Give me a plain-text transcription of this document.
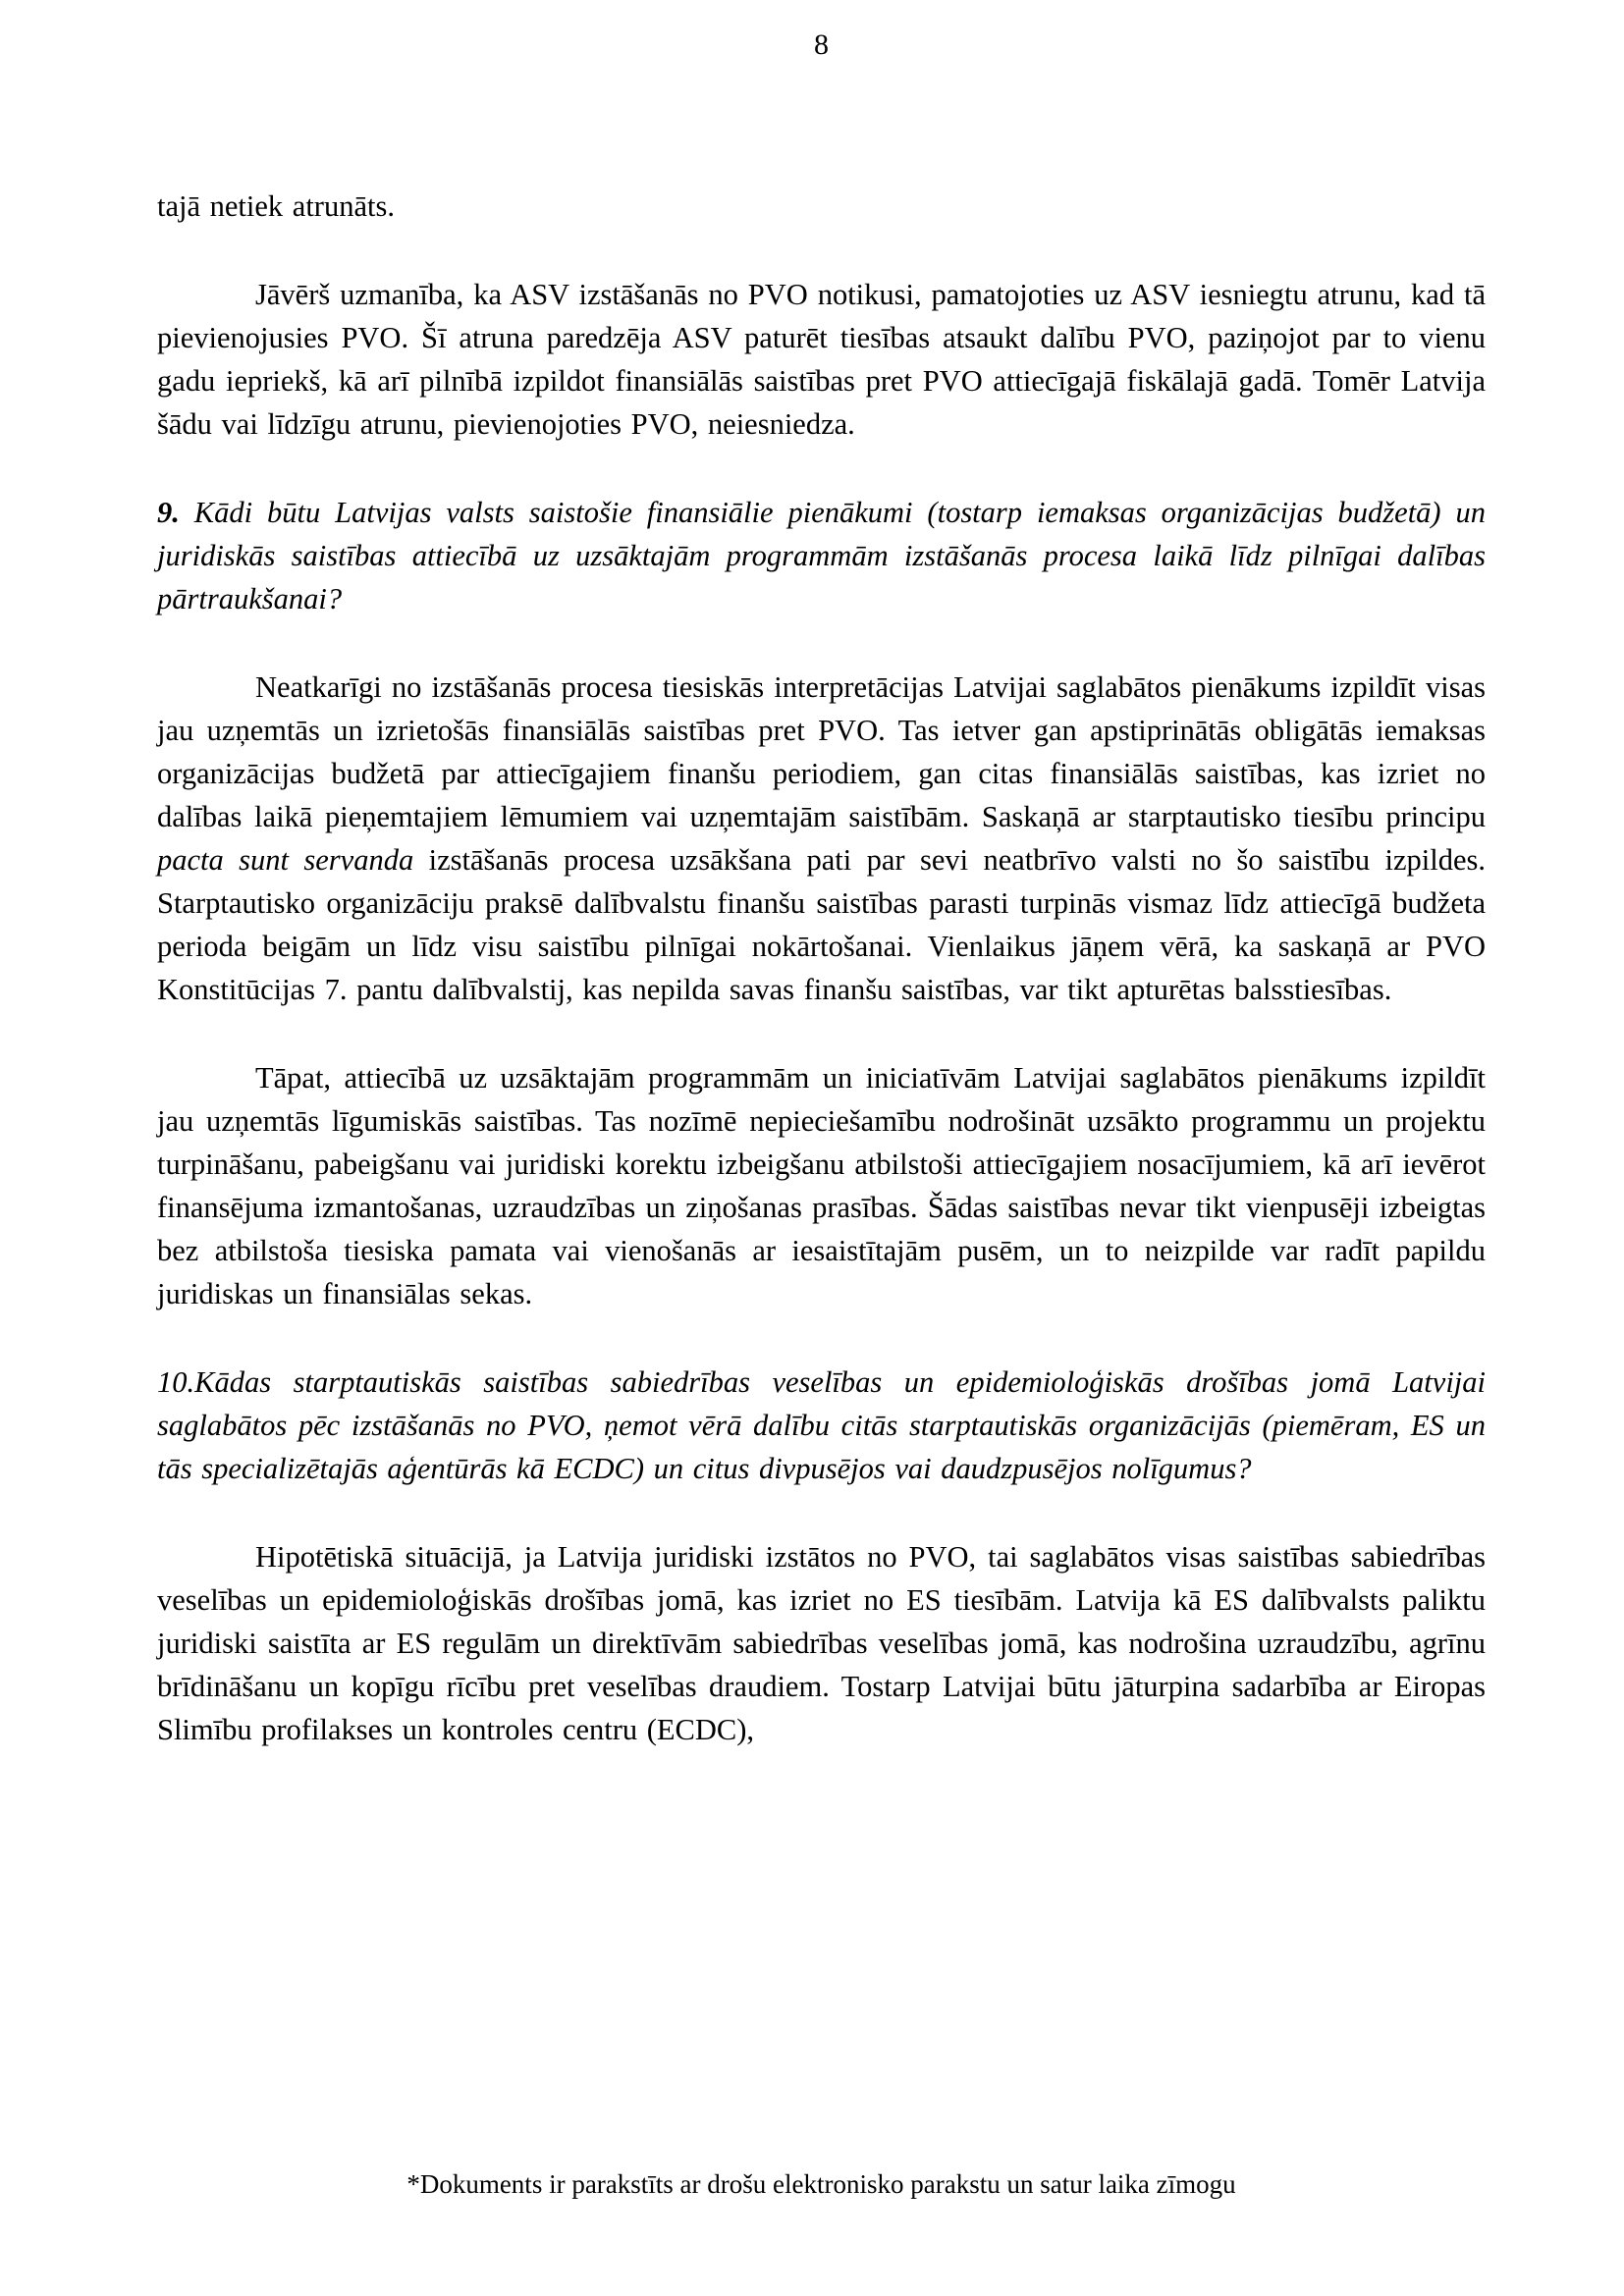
8

tajā netiek atrunāts.

Jāvērš uzmanība, ka ASV izstāšanās no PVO notikusi, pamatojoties uz ASV iesniegtu atrunu, kad tā pievienojusies PVO. Šī atruna paredzēja ASV paturēt tiesības atsaukt dalību PVO, paziņojot par to vienu gadu iepriekš, kā arī pilnībā izpildot finansiālās saistības pret PVO attiecīgajā fiskālajā gadā. Tomēr Latvija šādu vai līdzīgu atrunu, pievienojoties PVO, neiesniedza.

9. Kādi būtu Latvijas valsts saistošie finansiālie pienākumi (tostarp iemaksas organizācijas budžetā) un juridiskās saistības attiecībā uz uzsāktajām programmām izstāšanās procesa laikā līdz pilnīgai dalības pārtraukšanai?

Neatkarīgi no izstāšanās procesa tiesiskās interpretācijas Latvijai saglabātos pienākums izpildīt visas jau uzņemtās un izrietošās finansiālās saistības pret PVO. Tas ietver gan apstiprinātās obligātās iemaksas organizācijas budžetā par attiecīgajiem finanšu periodiem, gan citas finansiālās saistības, kas izriet no dalības laikā pieņemtajiem lēmumiem vai uzņemtajām saistībām. Saskaņā ar starptautisko tiesību principu pacta sunt servanda izstāšanās procesa uzsākšana pati par sevi neatbrīvo valsti no šo saistību izpildes. Starptautisko organizāciju praksē dalībvalstu finanšu saistības parasti turpinās vismaz līdz attiecīgā budžeta perioda beigām un līdz visu saistību pilnīgai nokārtošanai. Vienlaikus jāņem vērā, ka saskaņā ar PVO Konstitūcijas 7. pantu dalībvalstij, kas nepilda savas finanšu saistības, var tikt apturētas balsstiesības.

Tāpat, attiecībā uz uzsāktajām programmām un iniciatīvām Latvijai saglabātos pienākums izpildīt jau uzņemtās līgumiskās saistības. Tas nozīmē nepieciešamību nodrošināt uzsākto programmu un projektu turpināšanu, pabeigšanu vai juridiski korektu izbeigšanu atbilstoši attiecīgajiem nosacījumiem, kā arī ievērot finansējuma izmantošanas, uzraudzības un ziņošanas prasības. Šādas saistības nevar tikt vienpusēji izbeigtas bez atbilstoša tiesiska pamata vai vienošanās ar iesaistītajām pusēm, un to neizpilde var radīt papildu juridiskas un finansiālas sekas.

10.Kādas starptautiskās saistības sabiedrības veselības un epidemioloģiskās drošības jomā Latvijai saglabātos pēc izstāšanās no PVO, ņemot vērā dalību citās starptautiskās organizācijās (piemēram, ES un tās specializētajās aģentūrās kā ECDC) un citus divpusējos vai daudzpusējos nolīgumus?

Hipotētiskā situācijā, ja Latvija juridiski izstātos no PVO, tai saglabātos visas saistības sabiedrības veselības un epidemioloģiskās drošības jomā, kas izriet no ES tiesībām. Latvija kā ES dalībvalsts paliktu juridiski saistīta ar ES regulām un direktīvām sabiedrības veselības jomā, kas nodrošina uzraudzību, agrīnu brīdināšanu un kopīgu rīcību pret veselības draudiem. Tostarp Latvijai būtu jāturpina sadarbība ar Eiropas Slimību profilakses un kontroles centru (ECDC),

*Dokuments ir parakstīts ar drošu elektronisko parakstu un satur laika zīmogu
